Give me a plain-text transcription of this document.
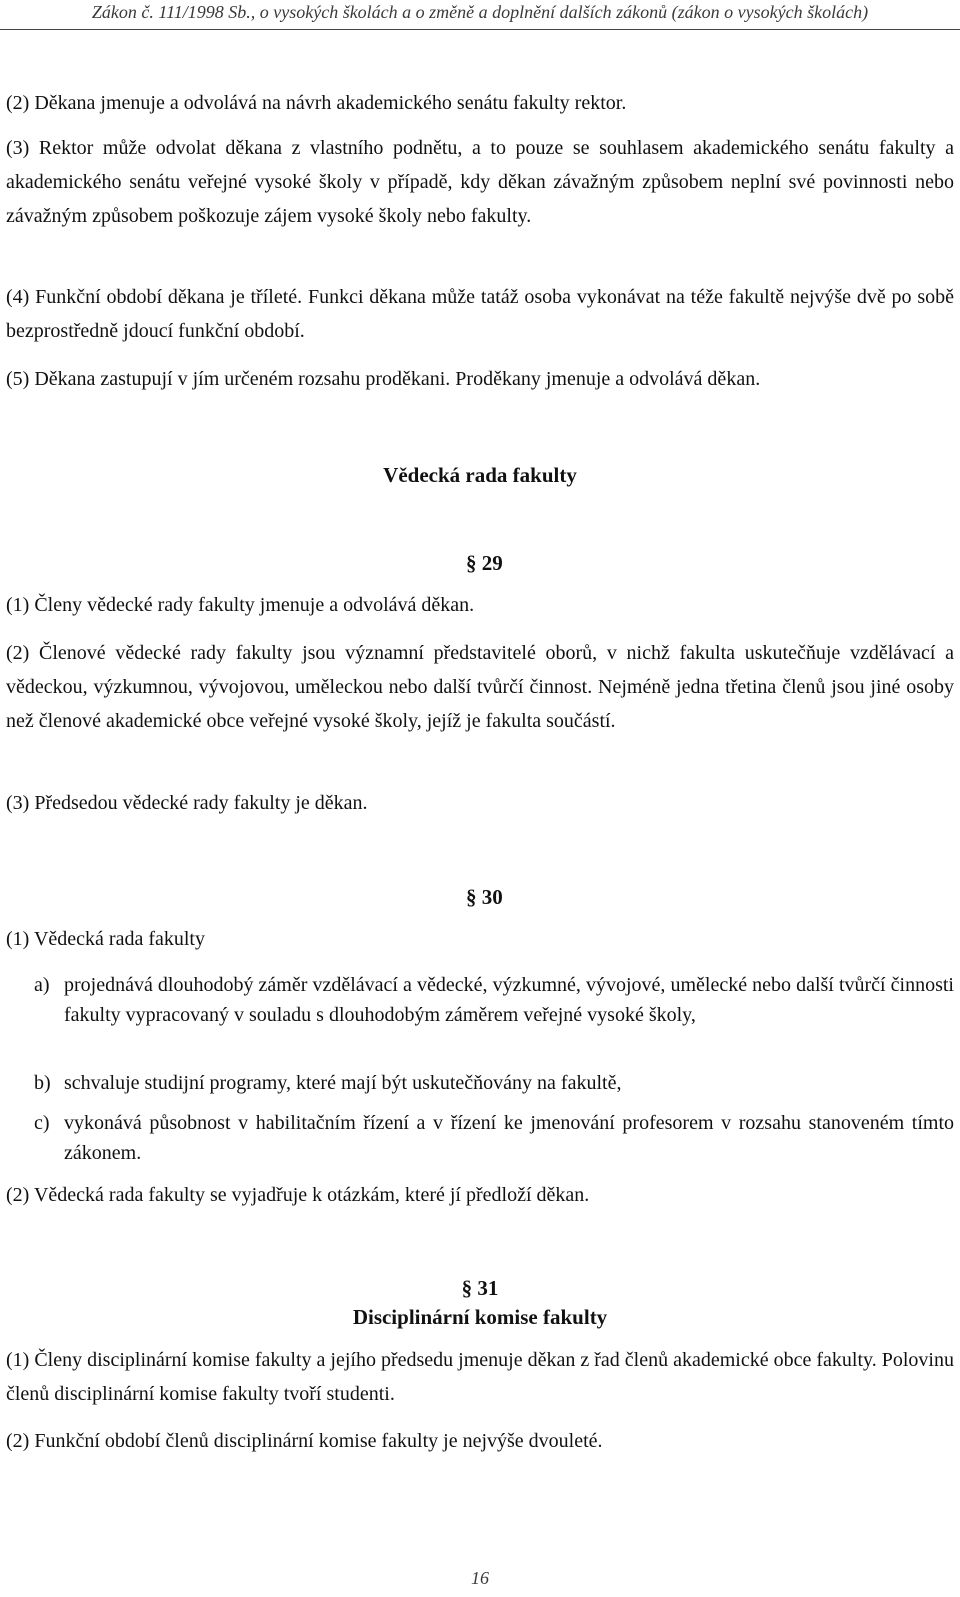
Zákon č. 111/1998 Sb., o vysokých školách a o změně a doplnění dalších zákonů (zákon o vysokých školách)
(2) Děkana jmenuje a odvolává na návrh akademického senátu fakulty rektor.
(3) Rektor může odvolat děkana z vlastního podnětu, a to pouze se souhlasem akademického senátu fakulty a akademického senátu veřejné vysoké školy v případě, kdy děkan závažným způsobem neplní své povinnosti nebo závažným způsobem poškozuje zájem vysoké školy nebo fakulty.
(4) Funkční období děkana je tříleté. Funkci děkana může tatáž osoba vykonávat na téže fakultě nejvýše dvě po sobě bezprostředně jdoucí funkční období.
(5) Děkana zastupují v jím určeném rozsahu proděkani. Proděkany jmenuje a odvolává děkan.
Vědecká rada fakulty
§ 29
(1) Členy vědecké rady fakulty jmenuje a odvolává děkan.
(2) Členové vědecké rady fakulty jsou významní představitelé oborů, v nichž fakulta uskutečňuje vzdělávací a vědeckou, výzkumnou, vývojovou, uměleckou nebo další tvůrčí činnost. Nejméně jedna třetina členů jsou jiné osoby než členové akademické obce veřejné vysoké školy, jejíž je fakulta součástí.
(3) Předsedou vědecké rady fakulty je děkan.
§ 30
(1) Vědecká rada fakulty
a) projednává dlouhodobý záměr vzdělávací a vědecké, výzkumné, vývojové, umělecké nebo další tvůrčí činnosti fakulty vypracovaný v souladu s dlouhodobým záměrem veřejné vysoké školy,
b) schvaluje studijní programy, které mají být uskutečňovány na fakultě,
c) vykonává působnost v habilitačním řízení a v řízení ke jmenování profesorem v rozsahu stanoveném tímto zákonem.
(2) Vědecká rada fakulty se vyjadřuje k otázkám, které jí předloží děkan.
§ 31
Disciplinární komise fakulty
(1) Členy disciplinární komise fakulty a jejího předsedu jmenuje děkan z řad členů akademické obce fakulty. Polovinu členů disciplinární komise fakulty tvoří studenti.
(2) Funkční období členů disciplinární komise fakulty je nejvýše dvouleté.
16
